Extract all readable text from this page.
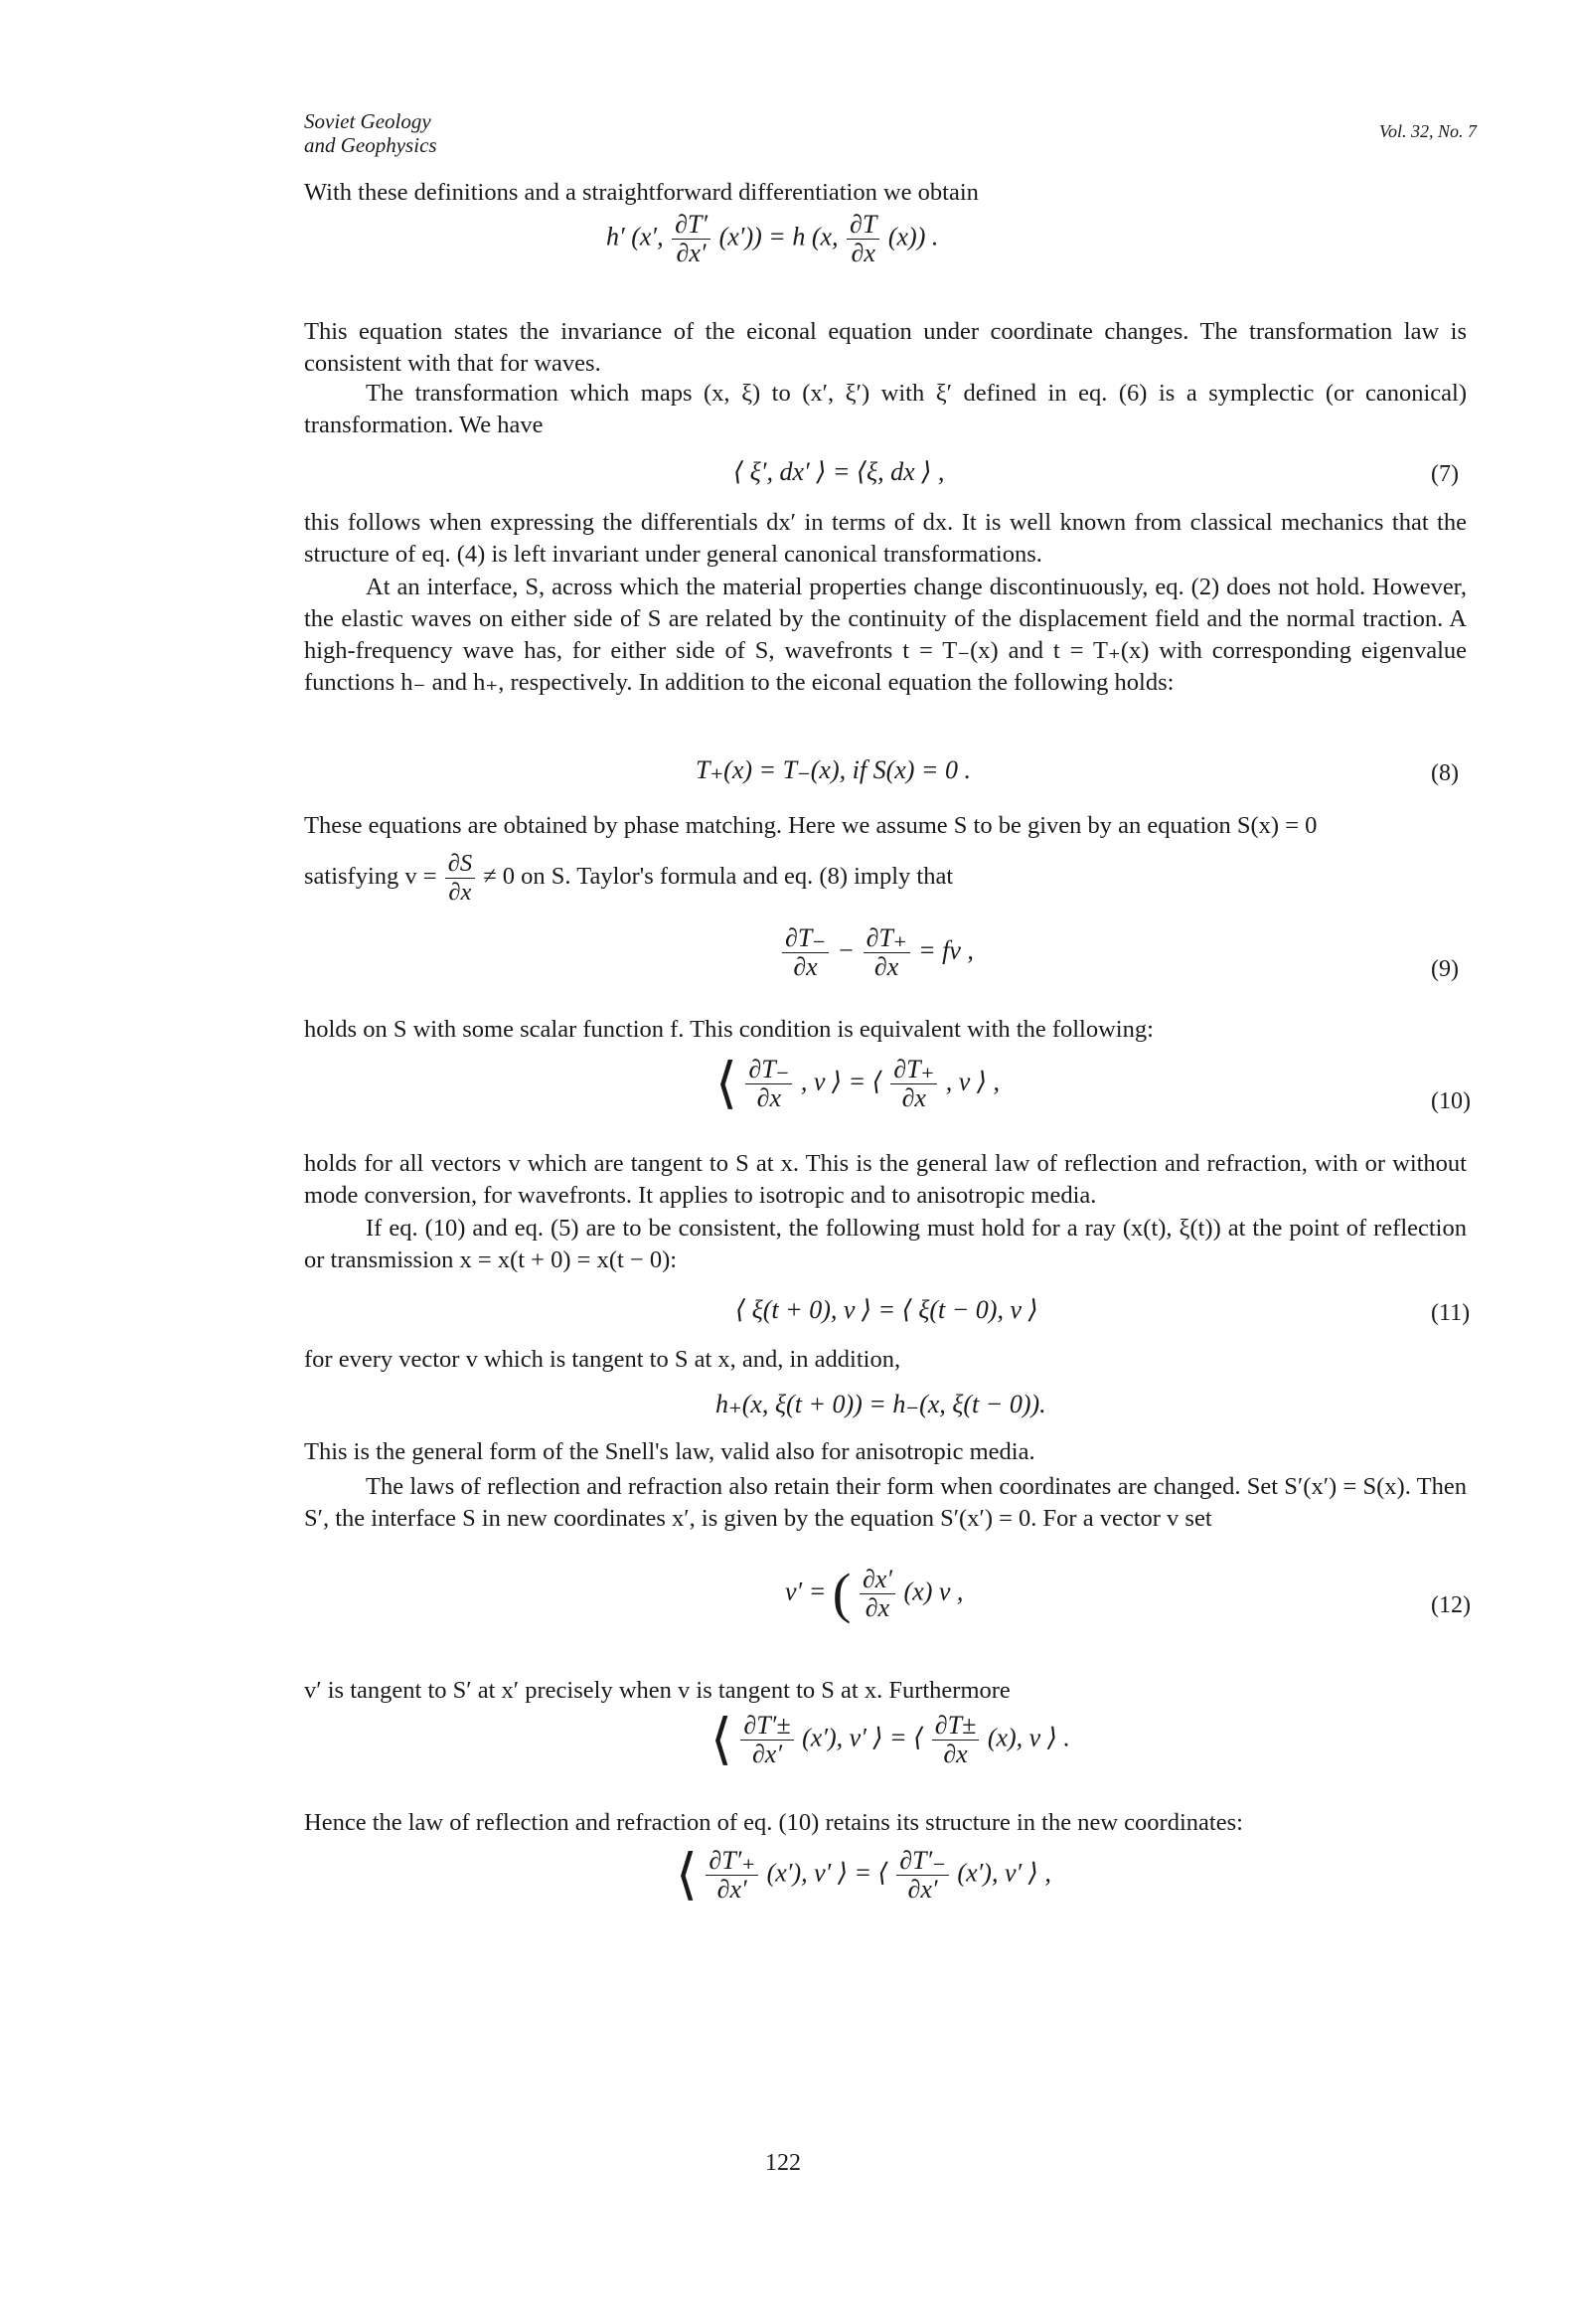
Soviet Geology
and Geophysics
Vol. 32, No. 7
With these definitions and a straightforward differentiation we obtain
h′ (x′, $\frac{\partial T'}{\partial x'} (x')) = h$ (x, $\frac{\partial T}{\partial x} (x)$) .
This equation states the invariance of the eiconal equation under coordinate changes. The transformation law is consistent with that for waves.
The transformation which maps (x, ξ) to (x′, ξ′) with ξ′ defined in eq. (6) is a symplectic (or canonical) transformation. We have
⟨ ξ′, dx′ ⟩ = ⟨ξ, dx ⟩ ,	(7)
this follows when expressing the differentials dx′ in terms of dx. It is well known from classical mechanics that the structure of eq. (4) is left invariant under general canonical transformations.
At an interface, S, across which the material properties change discontinuously, eq. (2) does not hold. However, the elastic waves on either side of S are related by the continuity of the displacement field and the normal traction. A high-frequency wave has, for either side of S, wavefronts t = T₋(x) and t = T₊(x) with corresponding eigenvalue functions h₋ and h₊, respectively. In addition to the eiconal equation the following holds:
T₊(x) = T₋(x), if S(x) = 0 .	(8)
These equations are obtained by phase matching. Here we assume S to be given by an equation S(x) = 0
satisfying $v = \frac{\partial S}{\partial x} \ne 0$ on S. Taylor's formula and eq. (8) imply that
$\frac{\partial T_-}{\partial x} - \frac{\partial T_+}{\partial x}$ = fv ,
(9)
holds on S with some scalar function f. This condition is equivalent with the following:
⟨ $\frac{\partial T_-}{\partial x}$ , v ⟩ = ⟨ $\frac{\partial T_+}{\partial x}$ , v ⟩ ,
(10)
holds for all vectors v which are tangent to S at x. This is the general law of reflection and refraction, with or without mode conversion, for wavefronts. It applies to isotropic and to anisotropic media.
If eq. (10) and eq. (5) are to be consistent, the following must hold for a ray (x(t), ξ(t)) at the point of reflection or transmission x = x(t + 0) = x(t − 0):
⟨ ξ(t + 0), v ⟩ = ⟨ ξ(t − 0), v ⟩	(11)
for every vector v which is tangent to S at x, and, in addition,
h₊(x, ξ(t + 0)) = h₋(x, ξ(t − 0)).
This is the general form of the Snell's law, valid also for anisotropic media.
The laws of reflection and refraction also retain their form when coordinates are changed. Set S′(x′) = S(x). Then S′, the interface S in new coordinates x′, is given by the equation S′(x′) = 0. For a vector v set
v′ = ( $\frac{\partial x'}{\partial x} (x)$ v ,	(12)
v′ is tangent to S′ at x′ precisely when v is tangent to S at x. Furthermore
⟨ $\frac{\partial T'\pm}{\partial x'} (x')$, v′ ⟩ = ⟨ $\frac{\partial T\pm}{\partial x} (x)$, v ⟩ .
Hence the law of reflection and refraction of eq. (10) retains its structure in the new coordinates:
⟨ $\frac{\partial T'_+}{\partial x'} (x')$, v′ ⟩ = ⟨ $\frac{\partial T'_-}{\partial x'} (x')$, v′ ⟩ ,
122
